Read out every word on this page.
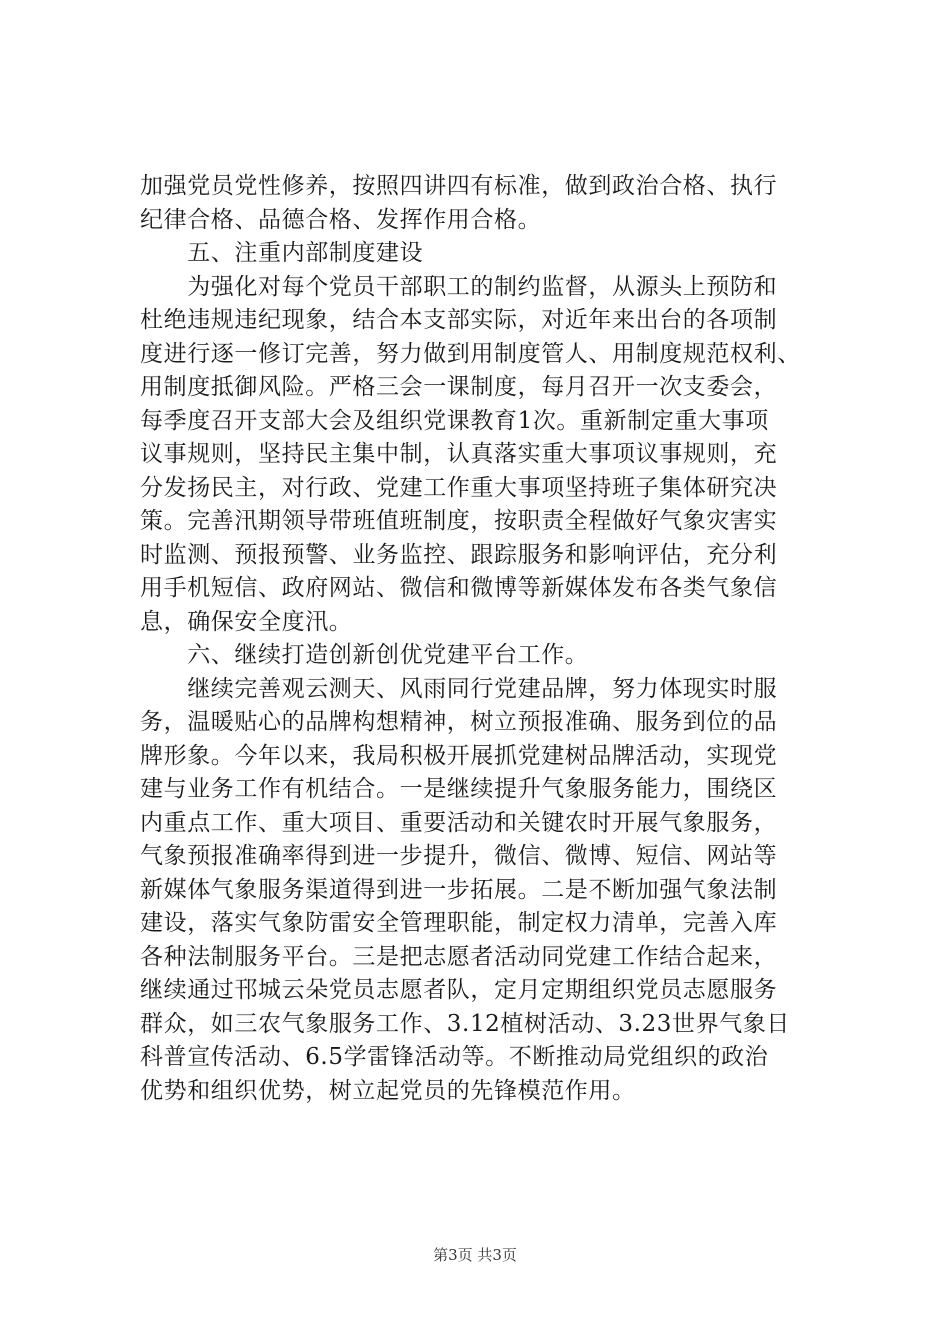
加强党员党性修养，按照四讲四有标准，做到政治合格、执行
纪律合格、品德合格、发挥作用合格。
　　五、注重内部制度建设
　　为强化对每个党员干部职工的制约监督，从源头上预防和
杜绝违规违纪现象，结合本支部实际，对近年来出台的各项制
度进行逐一修订完善，努力做到用制度管人、用制度规范权利、
用制度抵御风险。严格三会一课制度，每月召开一次支委会，
每季度召开支部大会及组织党课教育1次。重新制定重大事项
议事规则，坚持民主集中制，认真落实重大事项议事规则，充
分发扬民主，对行政、党建工作重大事项坚持班子集体研究决
策。完善汛期领导带班值班制度，按职责全程做好气象灾害实
时监测、预报预警、业务监控、跟踪服务和影响评估，充分利
用手机短信、政府网站、微信和微博等新媒体发布各类气象信
息，确保安全度汛。
　　六、继续打造创新创优党建平台工作。
　　继续完善观云测天、风雨同行党建品牌，努力体现实时服
务，温暖贴心的品牌构想精神，树立预报准确、服务到位的品
牌形象。今年以来，我局积极开展抓党建树品牌活动，实现党
建与业务工作有机结合。一是继续提升气象服务能力，围绕区
内重点工作、重大项目、重要活动和关键农时开展气象服务，
气象预报准确率得到进一步提升，微信、微博、短信、网站等
新媒体气象服务渠道得到进一步拓展。二是不断加强气象法制
建设，落实气象防雷安全管理职能，制定权力清单，完善入库
各种法制服务平台。三是把志愿者活动同党建工作结合起来，
继续通过邗城云朵党员志愿者队，定月定期组织党员志愿服务
群众，如三农气象服务工作、3.12植树活动、3.23世界气象日
科普宣传活动、6.5学雷锋活动等。不断推动局党组织的政治
优势和组织优势，树立起党员的先锋模范作用。
第3页 共3页
